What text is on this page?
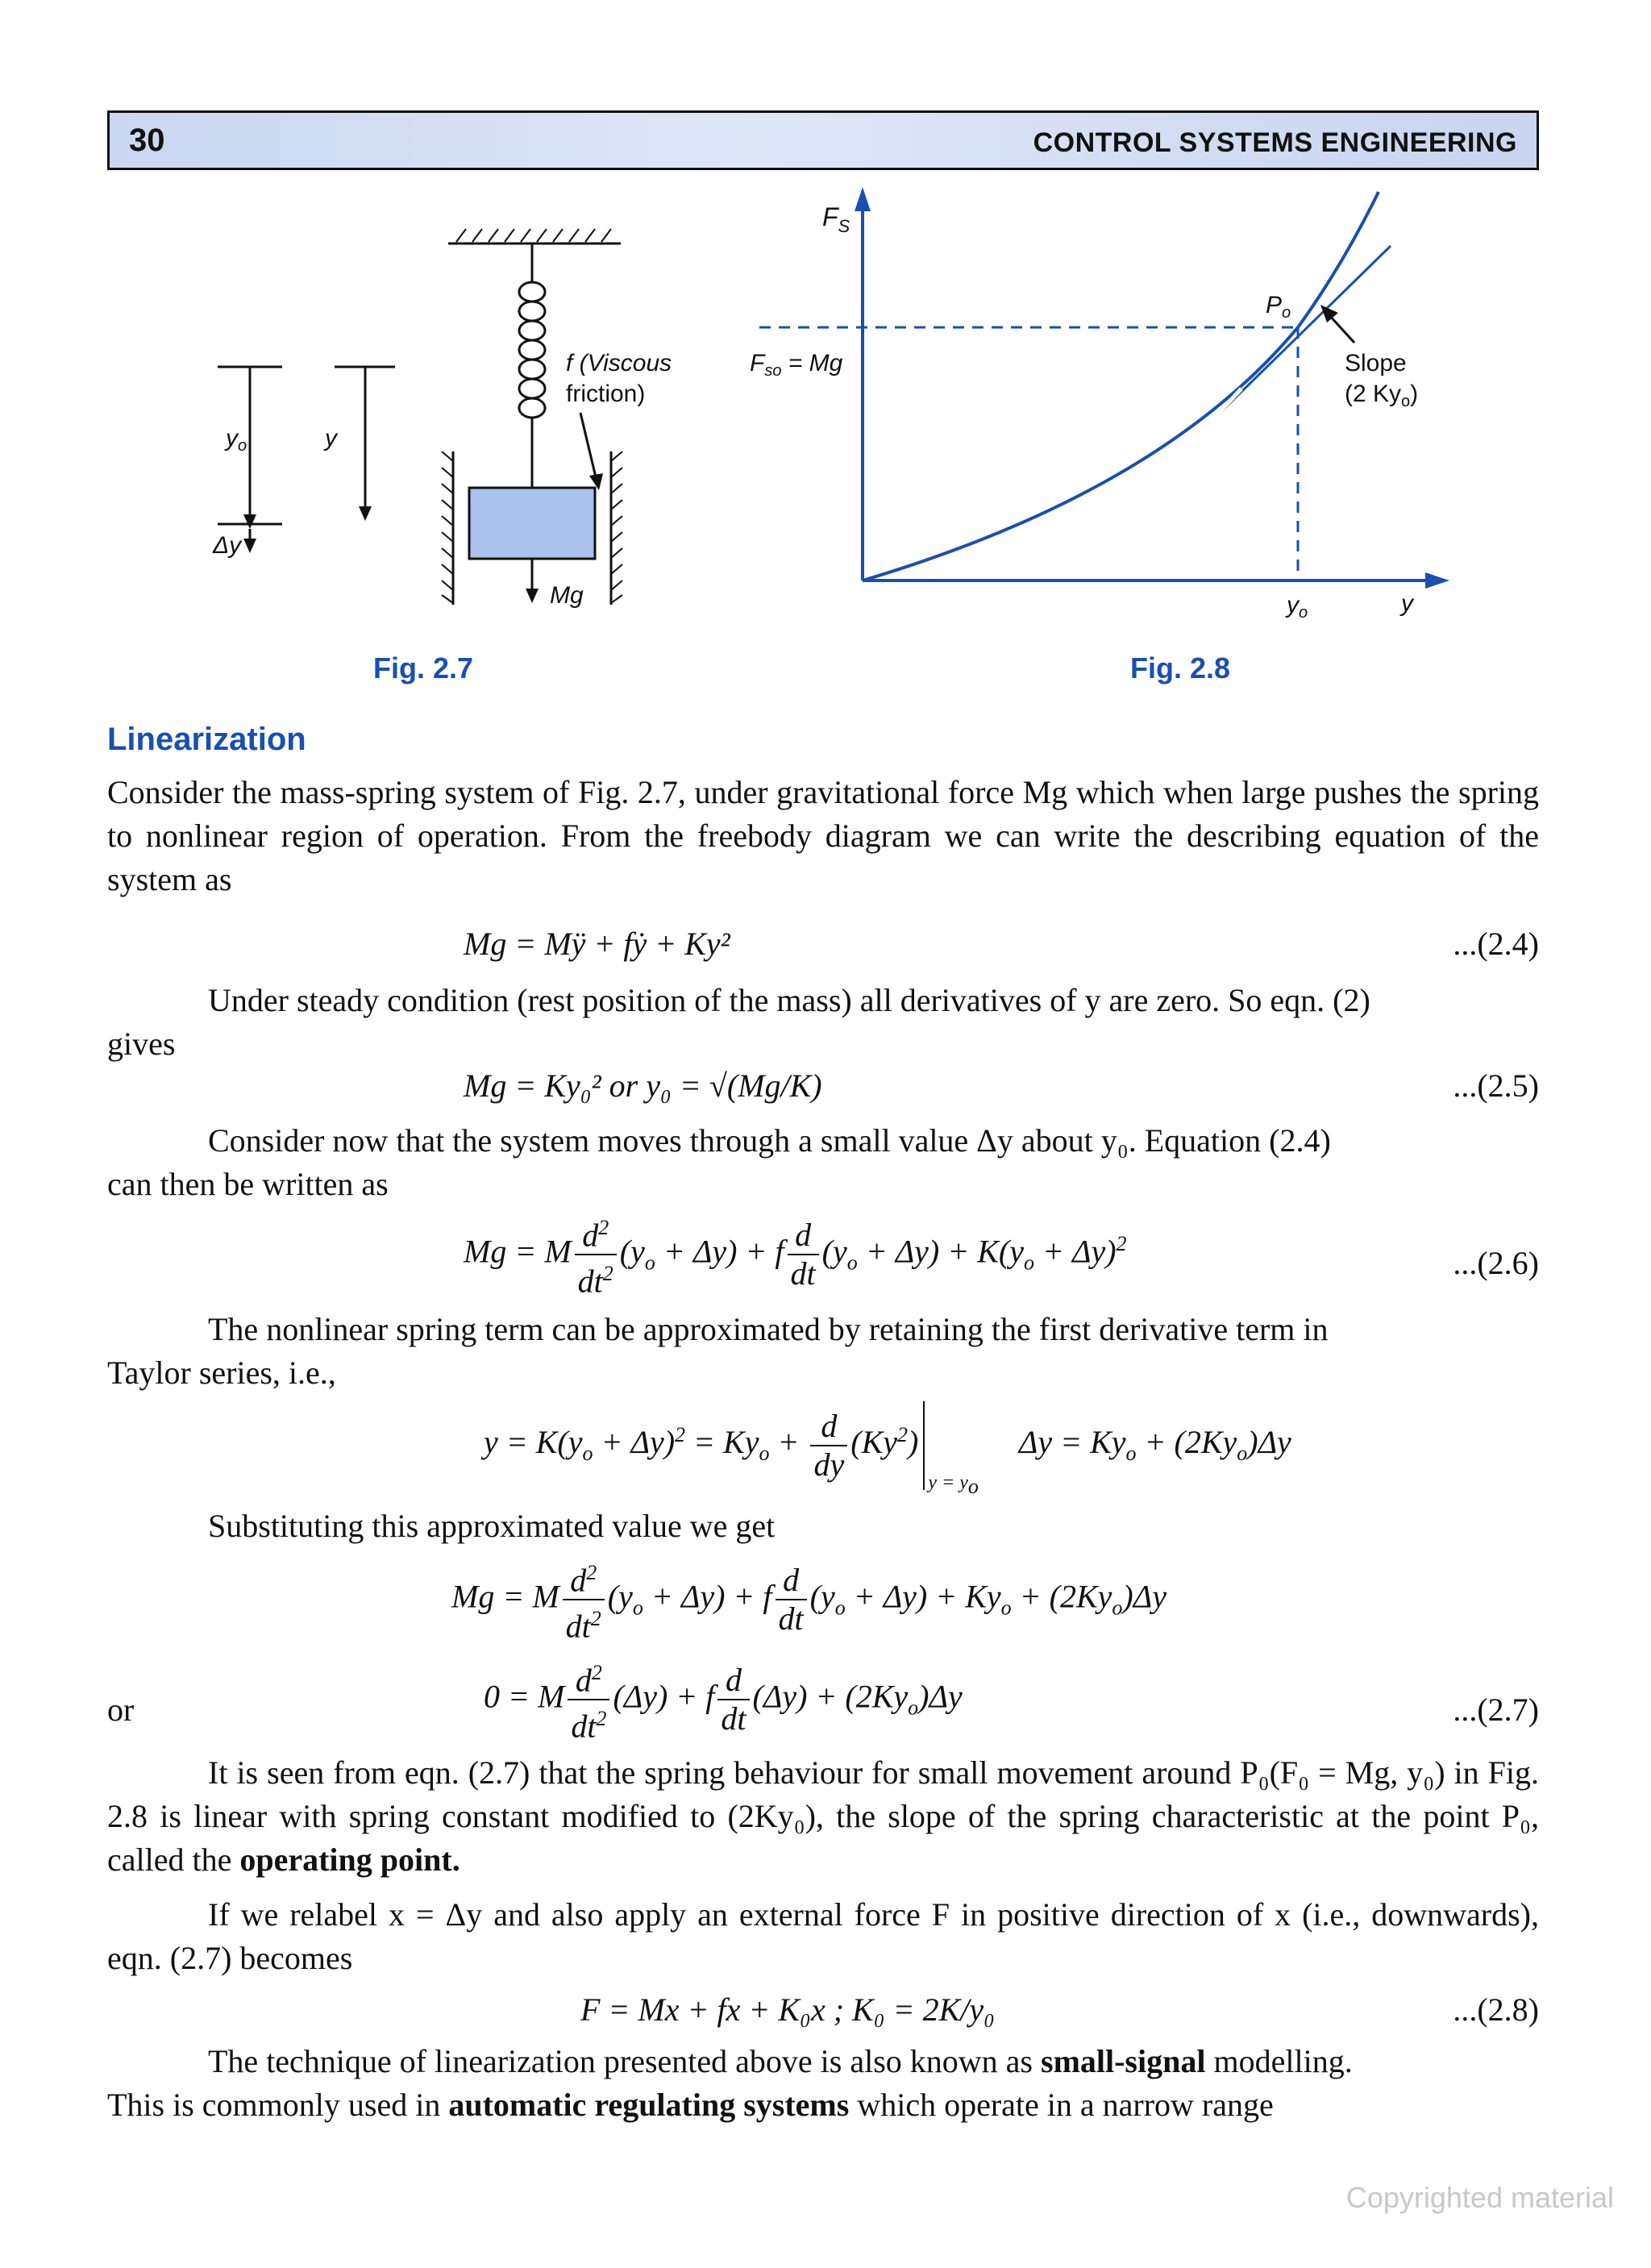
30	CONTROL SYSTEMS ENGINEERING
Mg
f (Viscous
friction)
$y_o$
Δy
y
Fig. 2.7
$F_S$
$F_{so} = Mg$
$P_o$
Slope
(2 $Ky_o$)
$y_o$	y
Fig. 2.8
Linearization
Consider the mass-spring system of Fig. 2.7, under gravitational force Mg which when large pushes the spring to nonlinear region of operation. From the freebody diagram we can write the describing equation of the system as
Mg = Mÿ + fẏ + Ky²	...(2.4)
Under steady condition (rest position of the mass) all derivatives of y are zero. So eqn. (2)
gives
Mg = Ky₀² or y₀ = √(Mg/K)	...(2.5)
Consider now that the system moves through a small value Δy about y₀. Equation (2.4)
can then be written as
Mg = M $\frac{d^2}{dt^2} (y_o + \Delta y) + f \frac{d}{dt} (y_o + \Delta y) + K(y_o + \Delta y)^2$
...(2.6)
The nonlinear spring term can be approximated by retaining the first derivative term in
Taylor series, i.e.,
$y = K(y_o + \Delta y)^2 = Ky_o + \frac{d}{dy} (Ky^2)_{y = y_o}\Delta y = Ky_o + (2Ky_o)\Delta y$
Substituting this approximated value we get
Mg = M $\frac{d^2}{dt^2} (y_o + \Delta y) + f \frac{d}{dt} (y_o + \Delta y) + Ky_o + (2Ky_o)\Delta y$
or	0 = M $\frac{d^2}{dt^2} (\Delta y) + f \frac{d}{dt} (\Delta y) + (2Ky_o)\Delta y$	...(2.7)
It is seen from eqn. (2.7) that the spring behaviour for small movement around P₀(F₀ = Mg, y₀) in Fig. 2.8 is linear with spring constant modified to (2Ky₀), the slope of the spring characteristic at the point P₀, called the operating point.
If we relabel x = Δy and also apply an external force F in positive direction of x (i.e., downwards), eqn. (2.7) becomes
F = Mx + fx + K₀x ; K₀ = 2K/y₀	...(2.8)
The technique of linearization presented above is also known as small-signal modelling.
This is commonly used in automatic regulating systems which operate in a narrow range
Copyrighted material
